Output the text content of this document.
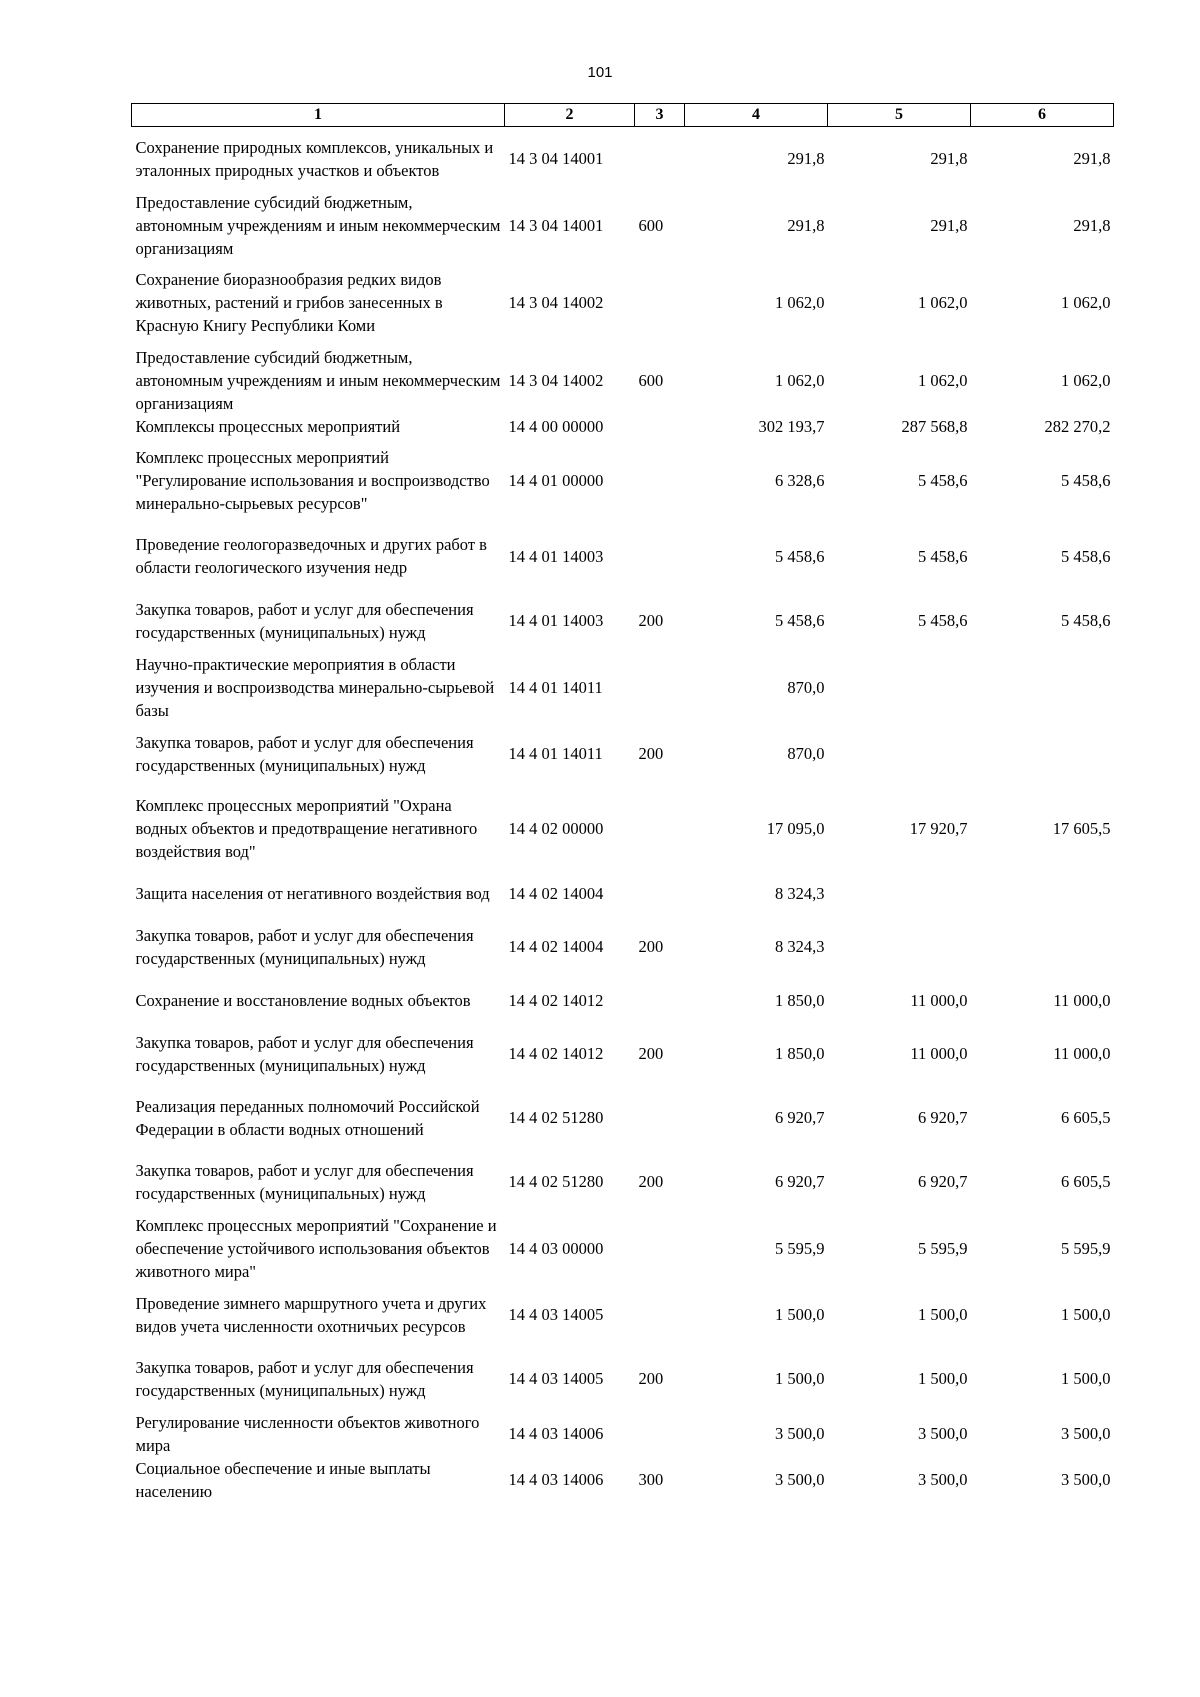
101
1	2	3	4	5	6
Сохранение природных комплексов, уникальных и эталонных природных участков и объектов	14 3 04 14001		291,8	291,8	291,8
Предоставление субсидий бюджетным, автономным учреждениям и иным некоммерческим организациям	14 3 04 14001	600	291,8	291,8	291,8
Сохранение биоразнообразия редких видов животных, растений и грибов занесенных в Красную Книгу Республики Коми	14 3 04 14002		1 062,0	1 062,0	1 062,0
Предоставление субсидий бюджетным, автономным учреждениям и иным некоммерческим организациям	14 3 04 14002	600	1 062,0	1 062,0	1 062,0
Комплексы процессных мероприятий	14 4 00 00000		302 193,7	287 568,8	282 270,2
Комплекс процессных мероприятий "Регулирование использования и воспроизводство минерально-сырьевых ресурсов"	14 4 01 00000		6 328,6	5 458,6	5 458,6
Проведение геологоразведочных и других работ в области геологического изучения недр	14 4 01 14003		5 458,6	5 458,6	5 458,6
Закупка товаров, работ и услуг для обеспечения государственных (муниципальных) нужд	14 4 01 14003	200	5 458,6	5 458,6	5 458,6
Научно-практические мероприятия в области изучения и воспроизводства минерально-сырьевой базы	14 4 01 14011		870,0		
Закупка товаров, работ и услуг для обеспечения государственных (муниципальных) нужд	14 4 01 14011	200	870,0		
Комплекс процессных мероприятий "Охрана водных объектов и предотвращение негативного воздействия вод"	14 4 02 00000		17 095,0	17 920,7	17 605,5
Защита населения от негативного воздействия вод	14 4 02 14004		8 324,3		
Закупка товаров, работ и услуг для обеспечения государственных (муниципальных) нужд	14 4 02 14004	200	8 324,3		
Сохранение и восстановление водных объектов	14 4 02 14012		1 850,0	11 000,0	11 000,0
Закупка товаров, работ и услуг для обеспечения государственных (муниципальных) нужд	14 4 02 14012	200	1 850,0	11 000,0	11 000,0
Реализация переданных полномочий Российской Федерации в области водных отношений	14 4 02 51280		6 920,7	6 920,7	6 605,5
Закупка товаров, работ и услуг для обеспечения государственных (муниципальных) нужд	14 4 02 51280	200	6 920,7	6 920,7	6 605,5
Комплекс процессных мероприятий "Сохранение и обеспечение устойчивого использования объектов животного мира"	14 4 03 00000		5 595,9	5 595,9	5 595,9
Проведение зимнего маршрутного учета и других видов учета численности охотничьих ресурсов	14 4 03 14005		1 500,0	1 500,0	1 500,0
Закупка товаров, работ и услуг для обеспечения государственных (муниципальных) нужд	14 4 03 14005	200	1 500,0	1 500,0	1 500,0
Регулирование численности объектов животного мира	14 4 03 14006		3 500,0	3 500,0	3 500,0
Социальное обеспечение и иные выплаты населению	14 4 03 14006	300	3 500,0	3 500,0	3 500,0
